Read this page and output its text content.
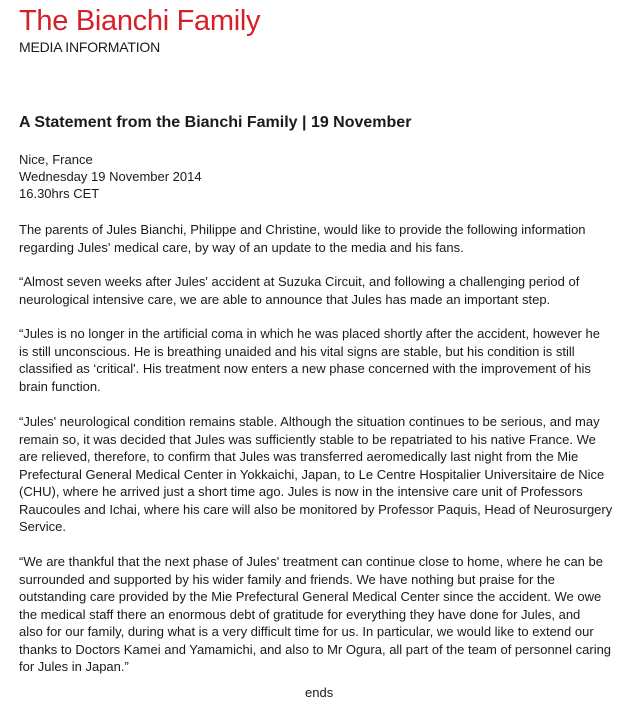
The Bianchi Family
MEDIA INFORMATION
A Statement from the Bianchi Family | 19 November
Nice, France
Wednesday 19 November 2014
16.30hrs CET

The parents of Jules Bianchi, Philippe and Christine, would like to provide the following information

regarding Jules' medical care, by way of an update to the media and his fans.

“Almost seven weeks after Jules' accident at Suzuka Circuit, and following a challenging period of

neurological intensive care, we are able to announce that Jules has made an important step.

“Jules is no longer in the artificial coma in which he was placed shortly after the accident, however he

is still unconscious. He is breathing unaided and his vital signs are stable, but his condition is still

classified as ‘critical'. His treatment now enters a new phase concerned with the improvement of his

brain function.

“Jules' neurological condition remains stable. Although the situation continues to be serious, and may

remain so, it was decided that Jules was sufficiently stable to be repatriated to his native France. We

are relieved, therefore, to confirm that Jules was transferred aeromedically last night from the Mie

Prefectural General Medical Center in Yokkaichi, Japan, to Le Centre Hospitalier Universitaire de Nice

(CHU), where he arrived just a short time ago. Jules is now in the intensive care unit of Professors

Raucoules and Ichai, where his care will also be monitored by Professor Paquis, Head of Neurosurgery

Service.

“We are thankful that the next phase of Jules' treatment can continue close to home, where he can be

surrounded and supported by his wider family and friends. We have nothing but praise for the

outstanding care provided by the Mie Prefectural General Medical Center since the accident. We owe

the medical staff there an enormous debt of gratitude for everything they have done for Jules, and

also for our family, during what is a very difficult time for us. In particular, we would like to extend our

thanks to Doctors Kamei and Yamamichi, and also to Mr Ogura, all part of the team of personnel caring

for Jules in Japan.”

ends
